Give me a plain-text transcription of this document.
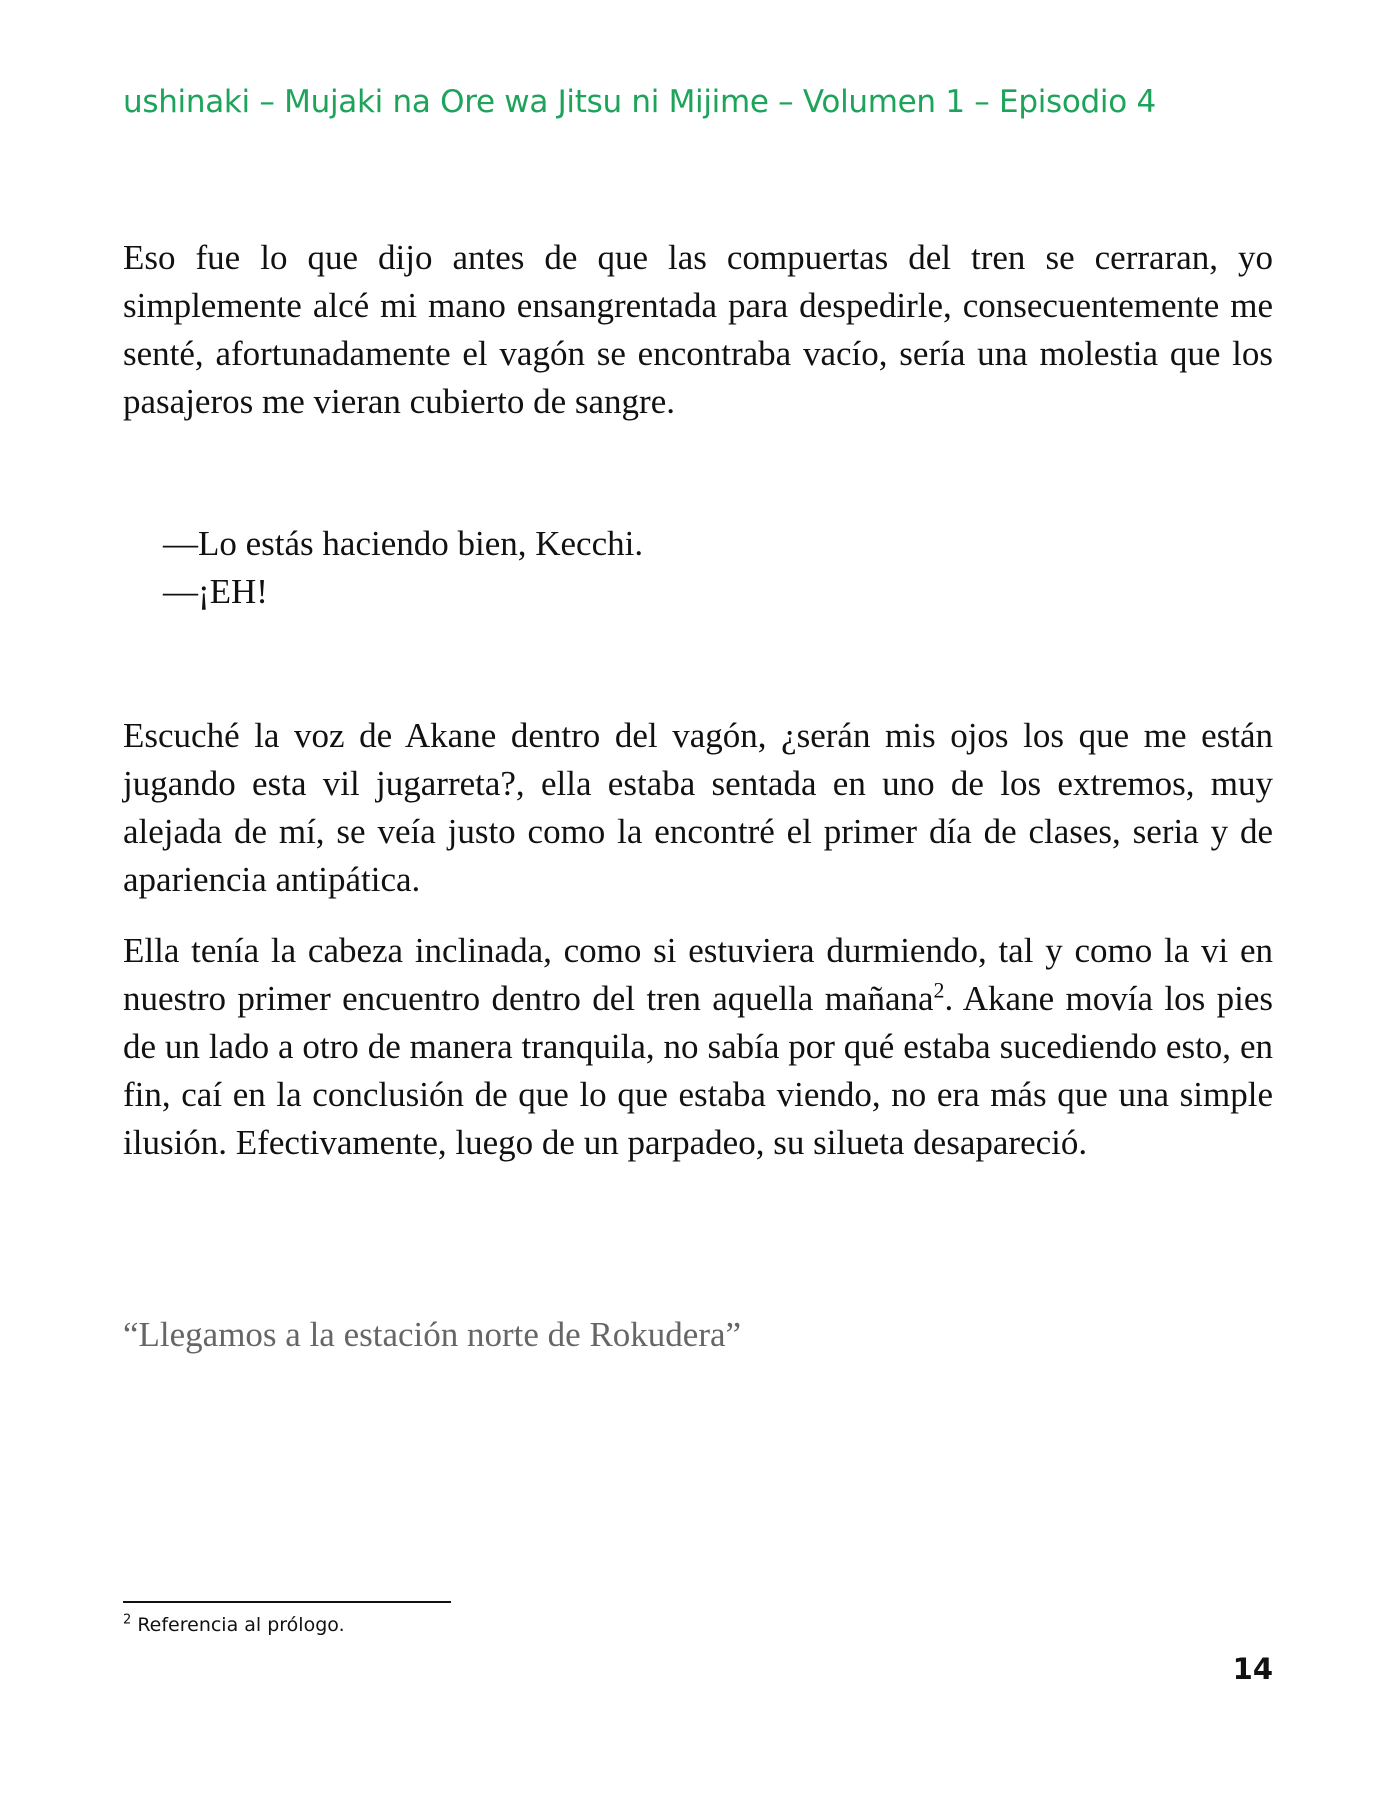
ushinaki – Mujaki na Ore wa Jitsu ni Mijime – Volumen 1 – Episodio 4

Eso fue lo que dijo antes de que las compuertas del tren se cerraran, yo simplemente alcé mi mano ensangrentada para despedirle, consecuentemente me senté, afortunadamente el vagón se encontraba vacío, sería una molestia que los pasajeros me vieran cubierto de sangre.

—Lo estás haciendo bien, Kecchi.
—¡EH!

Escuché la voz de Akane dentro del vagón, ¿serán mis ojos los que me están jugando esta vil jugarreta?, ella estaba sentada en uno de los extremos, muy alejada de mí, se veía justo como la encontré el primer día de clases, seria y de apariencia antipática.

Ella tenía la cabeza inclinada, como si estuviera durmiendo, tal y como la vi en nuestro primer encuentro dentro del tren aquella mañana$^2$. Akane movía los pies de un lado a otro de manera tranquila, no sabía por qué estaba sucediendo esto, en fin, caí en la conclusión de que lo que estaba viendo, no era más que una simple ilusión. Efectivamente, luego de un parpadeo, su silueta desapareció.

“Llegamos a la estación norte de Rokudera”
$^2$ Referencia al prólogo.
14
